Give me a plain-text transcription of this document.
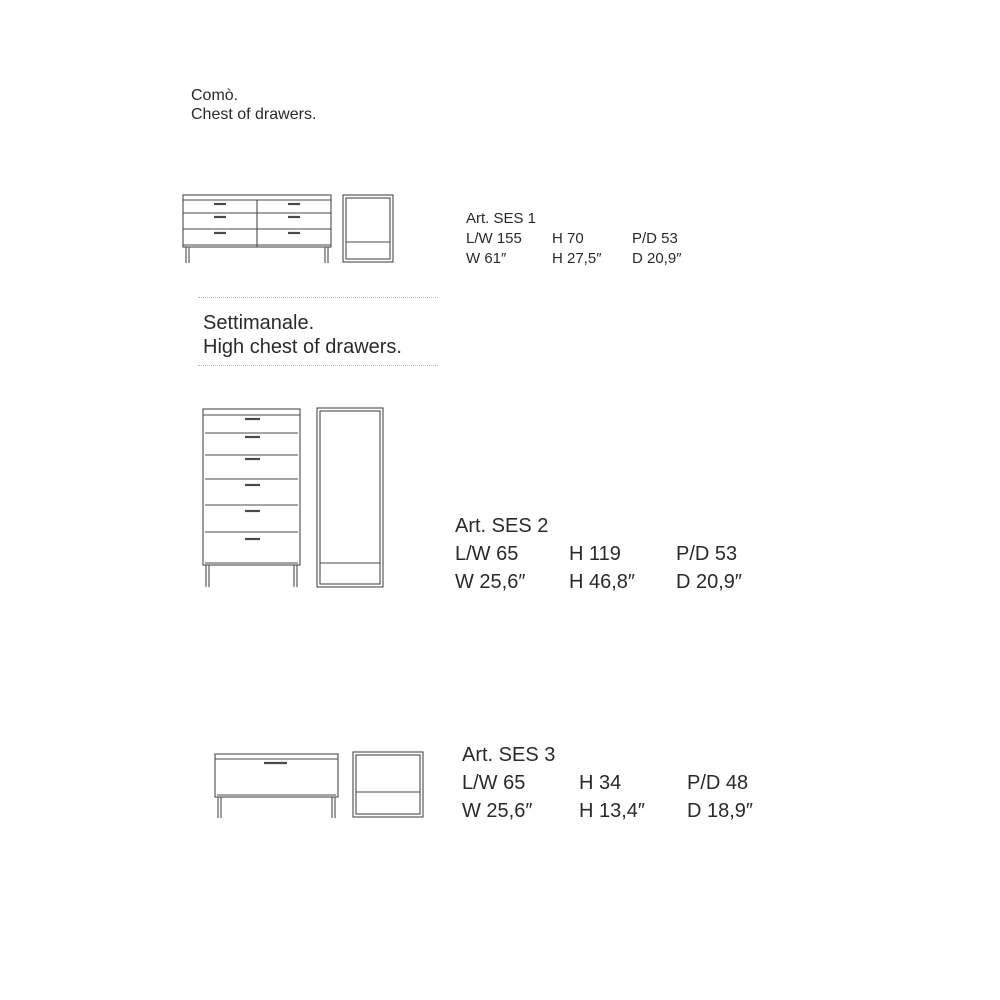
Comò.
Chest of drawers.
Settimanale.
High chest of drawers.
Art. SES 1
L/W 155	H 70	P/D 53
W 61″	H 27,5″	D 20,9″
Art. SES 2
L/W 65	H 119	P/D 53
W 25,6″	H 46,8″	D 20,9″
Art. SES 3
L/W 65	H 34	P/D 48
W 25,6″	H 13,4″	D 18,9″
